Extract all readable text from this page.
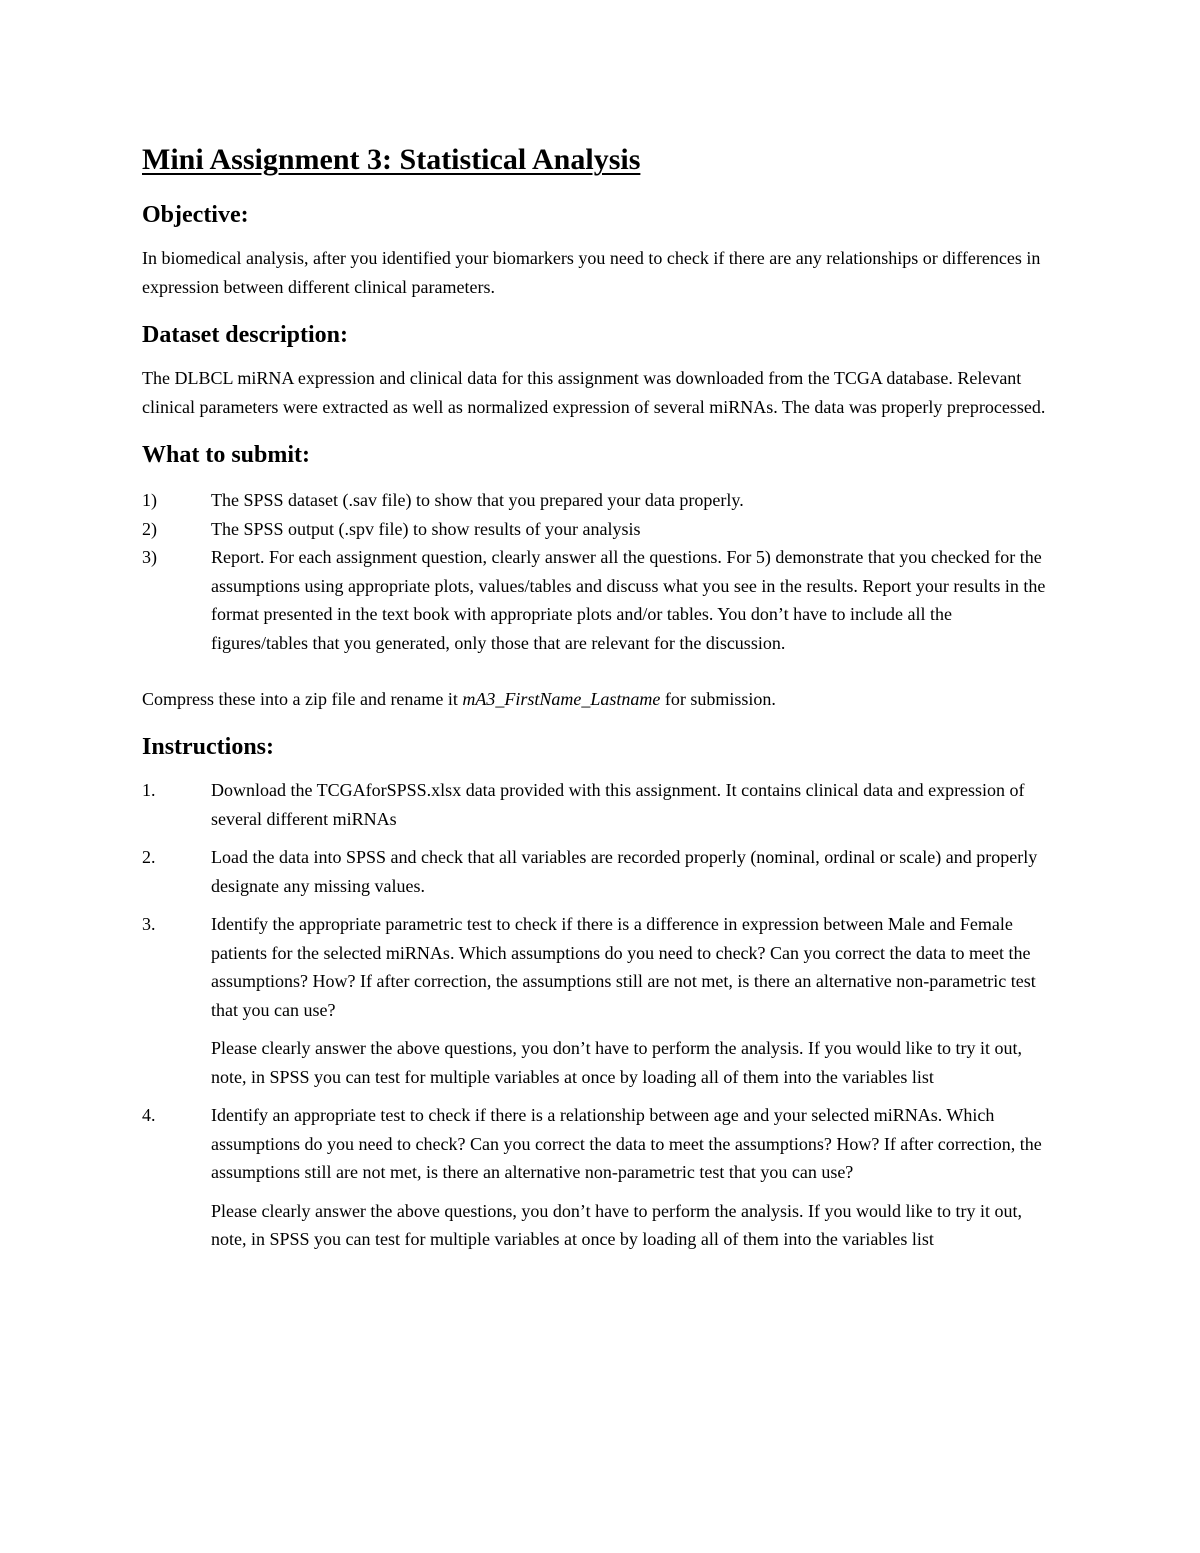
Mini Assignment 3: Statistical Analysis
Objective:

In biomedical analysis, after you identified your biomarkers you need to check if there are any relationships or differences in expression between different clinical parameters.

Dataset description:

The DLBCL miRNA expression and clinical data for this assignment was downloaded from the TCGA database. Relevant clinical parameters were extracted as well as normalized expression of several miRNAs. The data was properly preprocessed.

What to submit:
1)	The SPSS dataset (.sav file) to show that you prepared your data properly.
2)	The SPSS output (.spv file) to show results of your analysis
3)	Report. For each assignment question, clearly answer all the questions. For 5) demonstrate that you checked for the assumptions using appropriate plots, values/tables and discuss what you see in the results. Report your results in the format presented in the text book with appropriate plots and/or tables. You don’t have to include all the figures/tables that you generated, only those that are relevant for the discussion.

Compress these into a zip file and rename it mA3_FirstName_Lastname for submission.

Instructions:
1.	Download the TCGAforSPSS.xlsx data provided with this assignment. It contains clinical data and expression of several different miRNAs
2.	Load the data into SPSS and check that all variables are recorded properly (nominal, ordinal or scale) and properly designate any missing values.
3.	Identify the appropriate parametric test to check if there is a difference in expression between Male and Female patients for the selected miRNAs. Which assumptions do you need to check? Can you correct the data to meet the assumptions? How? If after correction, the assumptions still are not met, is there an alternative non-parametric test that you can use?
Please clearly answer the above questions, you don’t have to perform the analysis. If you would like to try it out, note, in SPSS you can test for multiple variables at once by loading all of them into the variables list
4.	Identify an appropriate test to check if there is a relationship between age and your selected miRNAs. Which assumptions do you need to check? Can you correct the data to meet the assumptions? How? If after correction, the assumptions still are not met, is there an alternative non-parametric test that you can use?
Please clearly answer the above questions, you don’t have to perform the analysis. If you would like to try it out, note, in SPSS you can test for multiple variables at once by loading all of them into the variables list
